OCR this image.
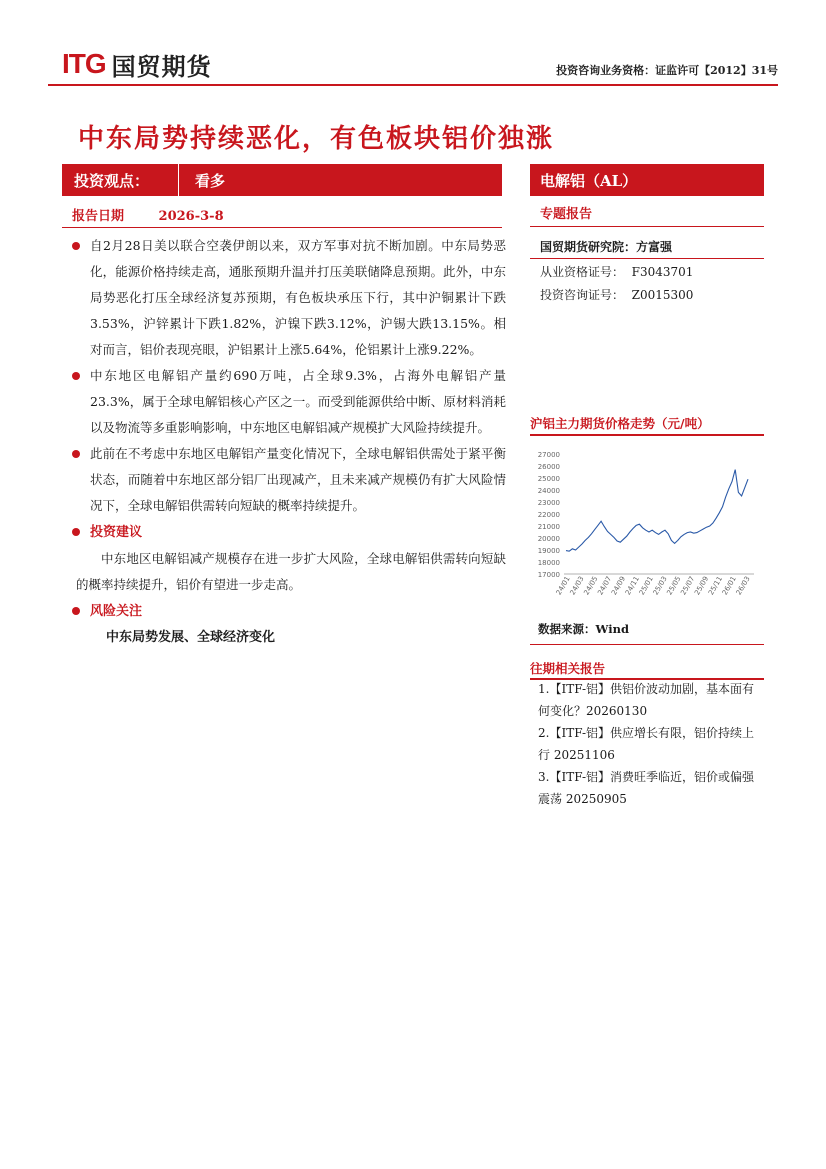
ITG 国贸期货	投资咨询业务资格：证监许可【2012】31号
中东局势持续恶化，有色板块铝价独涨
投资观点：	看多
报告日期	2026-3-8
自2月28日美以联合空袭伊朗以来，双方军事对抗不断加剧。中东局势恶化，能源价格持续走高，通胀预期升温并打压美联储降息预期。此外，中东局势恶化打压全球经济复苏预期，有色板块承压下行，其中沪铜累计下跌3.53%，沪锌累计下跌1.82%，沪镍下跌3.12%，沪锡大跌13.15%。相对而言，铝价表现亮眼，沪铝累计上涨5.64%，伦铝累计上涨9.22%。
中东地区电解铝产量约690万吨，占全球9.3%，占海外电解铝产量23.3%，属于全球电解铝核心产区之一。而受到能源供给中断、原材料消耗以及物流等多重影响影响，中东地区电解铝减产规模扩大风险持续提升。
此前在不考虑中东地区电解铝产量变化情况下，全球电解铝供需处于紧平衡状态，而随着中东地区部分铝厂出现减产，且未来减产规模仍有扩大风险情况下，全球电解铝供需转向短缺的概率持续提升。
投资建议
中东地区电解铝减产规模存在进一步扩大风险，全球电解铝供需转向短缺的概率持续提升，铝价有望进一步走高。
风险关注
中东局势发展、全球经济变化
电解铝（AL）
专题报告
国贸期货研究院：方富强
从业资格证号：  F3043701
投资咨询证号：  Z0015300
沪铝主力期货价格走势（元/吨）
17000
18000
19000
20000
21000
22000
23000
24000
25000
26000
27000
24/01
24/03
24/05
24/07
24/09
24/11
25/01
25/03
25/05
25/07
25/09
25/11
26/01
26/03
数据来源：Wind
往期相关报告
1.【ITF-铝】供铝价波动加剧，基本面有何变化？20260130
2.【ITF-铝】供应增长有限，铝价持续上行 20251106
3.【ITF-铝】消费旺季临近，铝价或偏强震荡 20250905
